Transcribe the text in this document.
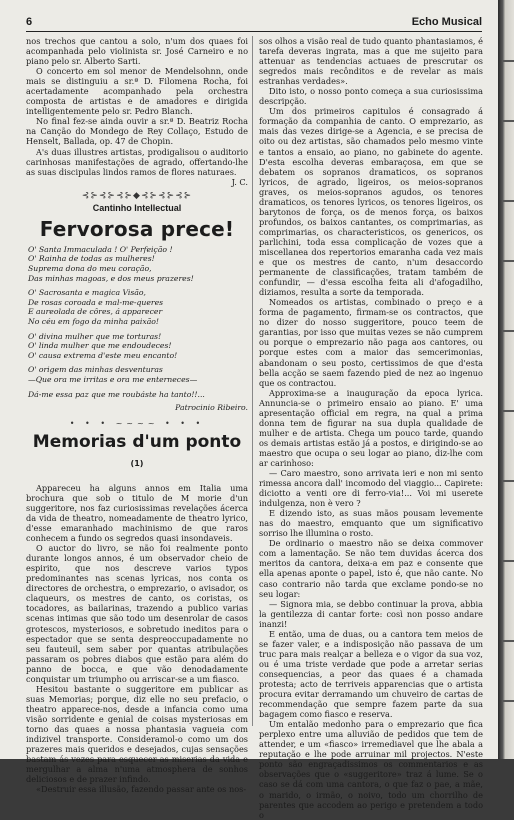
6	Echo Musical

nos trechos que cantou a solo, n'um dos quaes foi acompanhada pelo violinista sr. José Carneiro e no piano pelo sr. Alberto Sarti.

O concerto em sol menor de Mendelsohnn, onde mais se distinguiu a sr.ª D. Filomena Rocha, foi acertadamente acompanhado pela orchestra composta de artistas e de amadores e dirigida intelligentemente pelo sr. Pedro Blanch.

No final fez-se ainda ouvir a sr.ª D. Beatriz Rocha na Canção do Mondego de Rey Collaço, Estudo de Henselt, Ballada, op. 47 de Chopin.

A's duas illustres artistas, prodigalisou o auditorio carinhosas manifestações de agrado, offertando-lhe as suas discipulas lindos ramos de flores naturaes.

J. C.

⊰⊱⊰⊱⊰⊱◆⊰⊱⊰⊱⊰⊱
Cantinho Intellectual
Fervorosa prece!
O' Santa Immaculada ! O' Perfeição !
O' Rainha de todas as mulheres!
Suprema dona do meu coração,
Das minhas magoas, e dos meus prazeres!
O' Sacrosanta e magica Visão,
De rosas coroada e mal-me-queres
E aureolada de côres, á apparecer
No céu em fogo da minha paixão!
O' divina mulher que me torturas!
O' linda mulher que me endoudeces!
O' causa extrema d'este meu encanto!
O' origem das minhas desventuras
—Que ora me irritas e ora me enterneces—
Dá-me essa paz que me roubáste ha tanto!!...
Patrocinio Ribeiro.
• • • ~~~~ • • •
Memorias d'um ponto $^{(1)}$

Appareceu ha alguns annos em Italia uma brochura que sob o titulo de M morie d'un suggeritore, nos faz curiosissimas revelações ácerca da vida de theatro, nomeadamente de theatro lyrico, d'esse emaranhado machinismo de que raros conhecem a fundo os segredos quasi insondaveis.

O auctor do livro, se não foi realmente ponto durante longos annos, é um observador cheio de espirito, que nos descreve varios typos predominantes nas scenas lyricas, nos conta os directores de orchestra, o emprezario, o avisador, os claqueurs, os mestres de canto, os coristas, os tocadores, as bailarinas, trazendo a publico varias scenas intimas que são todo um desenrolar de casos grotescos, mysteriosos, e sobretudo ineditos para o espectador que se senta despreoccupadamente no seu fauteuil, sem saber por quantas atribulações passaram os pobres diabos que estão para além do panno de bocca, e que vão denodadamente conquistar um triumpho ou arriscar-se a um fiasco.

Hesitou bastante o suggeritore em publicar as suas Memorias; porque, diz elle no seu prefacio, o theatro apparece-nos, desde a infancia como uma visão sorridente e genial de coisas mysteriosas em torno das quaes a nossa phantasia vagueia com indizivel transporte. Consideramol-o como um dos prazeres mais queridos e desejados, cujas sensações bastam ás vezes para esquecer as miserias da vida e mergulhar a alma n'uma atmosphera de sonhos deliciosos e de prazer infindo.

«Destruir essa illusão, fazendo passar ante os nos-

sos olhos a visão real de tudo quanto phantasiamos, é tarefa deveras ingrata, mas a que me sujeito para attenuar as tendencias actuaes de prescrutar os segredos mais recônditos e de revelar as mais estranhas verdades».

Dito isto, o nosso ponto começa a sua curiosissima descripção.

Um dos primeiros capitulos é consagrado á formação da companhia de canto. O emprezario, as mais das vezes dirige-se a Agencia, e se precisa de oito ou dez artistas, são chamados pelo mesmo vinte e tantos a ensaio, ao piano, no gabinete do agente. D'esta escolha deveras embaraçosa, em que se debatem os sopranos dramaticos, os sopranos lyricos, de agrado, ligeiros, os meios-sopranos graves, os meios-sopranos agudos, os tenores dramaticos, os tenores lyricos, os tenores ligeiros, os barytonos de força, os de menos força, os baixos profundos, os baixos cantantes, os comprimarias, as comprimarias, os characteristicos, os genericos, os parlichini, toda essa complicação de vozes que a miscellanea dos repertorios emaranha cada vez mais e que os mestres de canto, n'um desaccordo permanente de classificações, tratam também de confundir, — d'essa escolha feita ali d'afogadilho, diziamos, resulta a sorte da temporada.

Nomeados os artistas, combinado o preço e a forma de pagamento, firmam-se os contractos, que no dizer do nosso suggeritore, pouco teem de garantias, por isso que muitas vezes se não cumprem ou porque o emprezario não paga aos cantores, ou porque estes com a maior das semcerimonias, abandonam o seu posto, certissimos de que d'esta bella acção se saem fazendo pied de nez ao ingenuo que os contractou.

Approxima-se a inauguração da epoca lyrica. Annuncia-se o primeiro ensaio ao piano. E' uma apresentação official em regra, na qual a prima donna tem de figurar na sua dupla qualidade de mulher e de artista. Chega um pouco tarde, quando os demais artistas estão já a postos, e dirigindo-se ao maestro que ocupa o seu logar ao piano, diz-lhe com ar carinhoso:

— Caro maestro, sono arrivata ieri e non mi sento rimessa ancora dall' incomodo del viaggio... Capirete: diciotto a venti ore di ferro-via!... Voi mi userete indulgenza, non è vero ?

E dizendo isto, as suas mãos pousam levemente nas do maestro, emquanto que um significativo sorriso lhe illumina o rosto.

De ordinario o maestro não se deixa commover com a lamentação. Se não tem duvidas ácerca dos meritos da cantora, deixa-a em paz e consente que ella apenas aponte o papel, isto é, que não cante. No caso contrario não tarda que exclame pondo-se no seu logar:

— Signora mia, se debbo continuar la prova, abbia la gentilezza di cantar forte: così non posso andare inanzi!

E então, uma de duas, ou a cantora tem meios de se fazer valer, e a indisposição não passava de um truc para mais realçar a belleza e o vigor da sua voz, ou é uma triste verdade que pode a arretar serias consequencias, a peor das quaes é a chamada protesta; acto de terriveis apparencias que o artista procura evitar derramando um chuveiro de cartas de recommendação que sempre fazem parte da sua bagagem como fiasco e reserva.

Um entalão medonho para o emprezario que fica perplexo entre uma alluvião de pedidos que tem de attender, e um «fiasco» irremediavel que lhe abala a reputação e lhe pode arruinar mil projectos. N'este ponto são engraçadissimos os commentarios e as observações que o «suggeritore» traz á lume. Se o caso se dá com uma cantora, o que faz o pae, a mãe, o marido, o irmão, o noivo, todo um chorrilho de parentes que accodem ao perigo e pretendem a todo o
